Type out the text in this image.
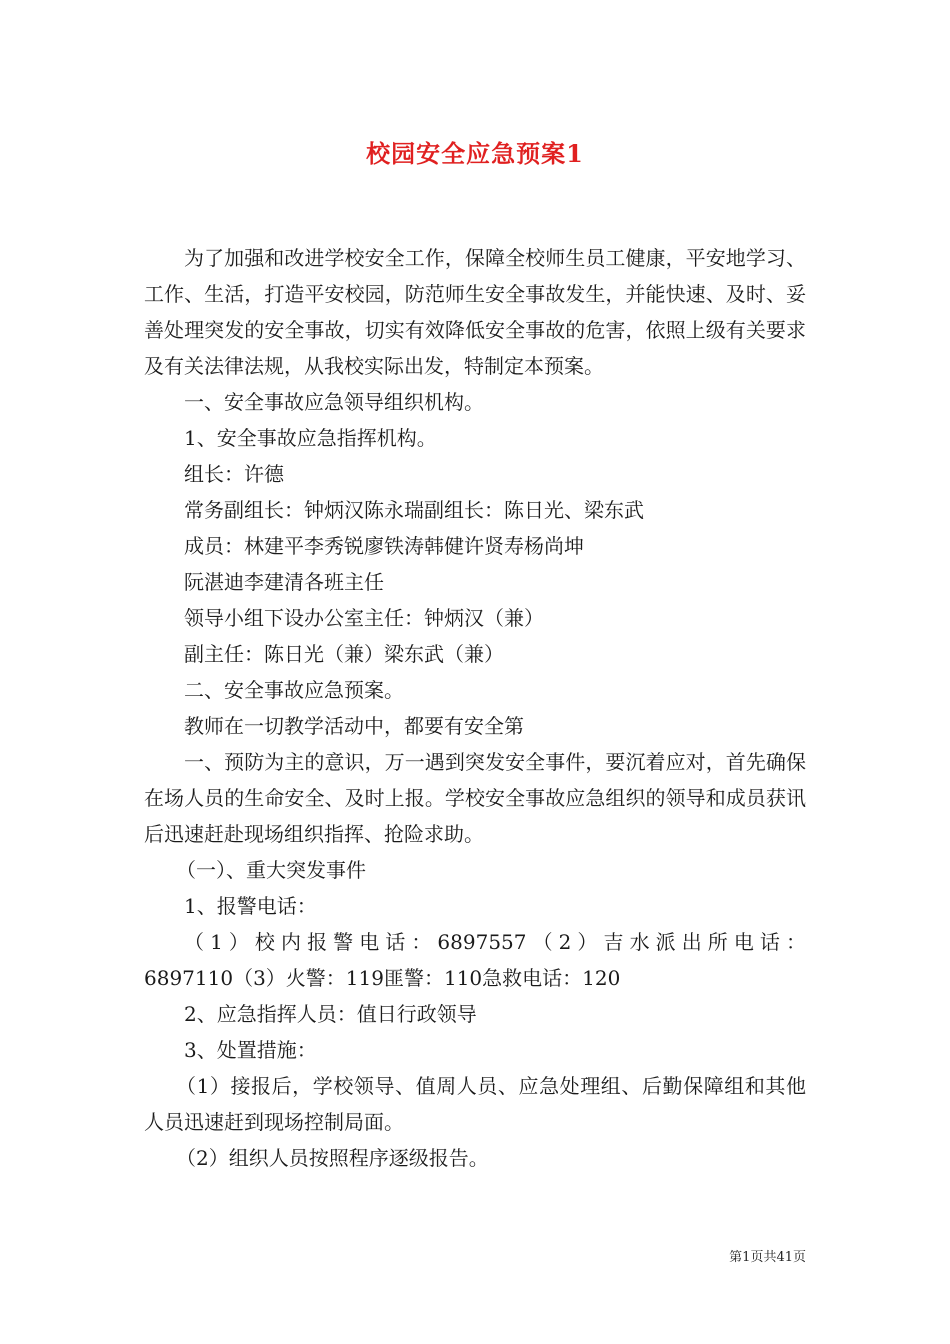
校园安全应急预案1

为了加强和改进学校安全工作，保障全校师生员工健康，平安地学习、工作、生活，打造平安校园，防范师生安全事故发生，并能快速、及时、妥善处理突发的安全事故，切实有效降低安全事故的危害，依照上级有关要求及有关法律法规，从我校实际出发，特制定本预案。

一、安全事故应急领导组织机构。

1、安全事故应急指挥机构。

组长：许德

常务副组长：钟炳汉陈永瑞副组长：陈日光、梁东武

成员：林建平李秀锐廖铁涛韩健许贤寿杨尚坤

阮湛迪李建清各班主任

领导小组下设办公室主任：钟炳汉（兼）

副主任：陈日光（兼）梁东武（兼）

二、安全事故应急预案。

教师在一切教学活动中，都要有安全第

一、预防为主的意识，万一遇到突发安全事件，要沉着应对，首先确保在场人员的生命安全、及时上报。学校安全事故应急组织的领导和成员获讯后迅速赶赴现场组织指挥、抢险求助。

（一）、重大突发事件

1、报警电话：

（1）校内报警电话：6897557（2）吉水派出所电话：

6897110（3）火警：119匪警：110急救电话：120

2、应急指挥人员：值日行政领导

3、处置措施：

（1）接报后，学校领导、值周人员、应急处理组、后勤保障组和其他人员迅速赶到现场控制局面。

（2）组织人员按照程序逐级报告。

第1页共41页
